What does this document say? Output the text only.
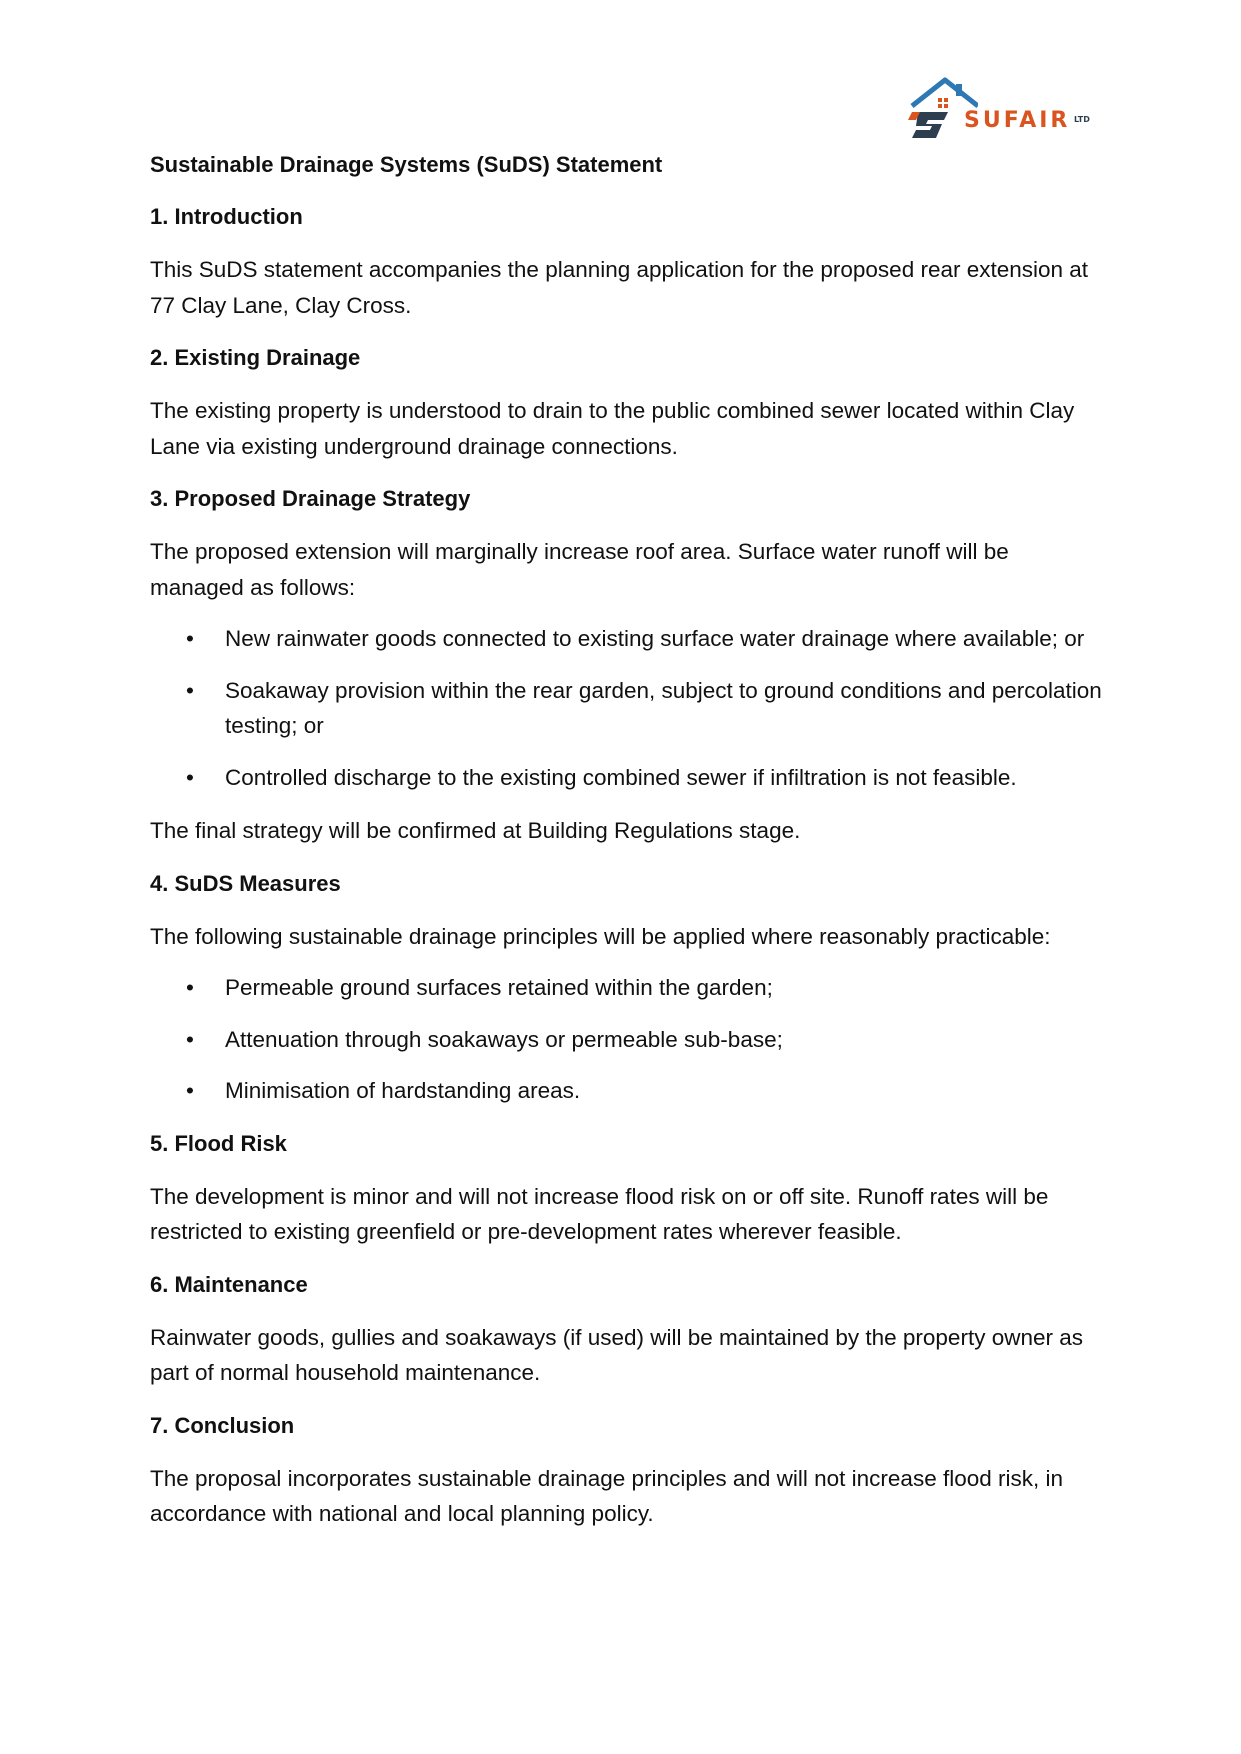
SUFAIR LTD
Sustainable Drainage Systems (SuDS) Statement
1. Introduction

This SuDS statement accompanies the planning application for the proposed rear extension at 77 Clay Lane, Clay Cross.

2. Existing Drainage

The existing property is understood to drain to the public combined sewer located within Clay Lane via existing underground drainage connections.

3. Proposed Drainage Strategy

The proposed extension will marginally increase roof area. Surface water runoff will be managed as follows:

• New rainwater goods connected to existing surface water drainage where available; or
• Soakaway provision within the rear garden, subject to ground conditions and percolation testing; or
• Controlled discharge to the existing combined sewer if infiltration is not feasible.

The final strategy will be confirmed at Building Regulations stage.

4. SuDS Measures

The following sustainable drainage principles will be applied where reasonably practicable:

• Permeable ground surfaces retained within the garden;
• Attenuation through soakaways or permeable sub-base;
• Minimisation of hardstanding areas.
5. Flood Risk

The development is minor and will not increase flood risk on or off site. Runoff rates will be restricted to existing greenfield or pre-development rates wherever feasible.

6. Maintenance

Rainwater goods, gullies and soakaways (if used) will be maintained by the property owner as part of normal household maintenance.

7. Conclusion

The proposal incorporates sustainable drainage principles and will not increase flood risk, in accordance with national and local planning policy.
